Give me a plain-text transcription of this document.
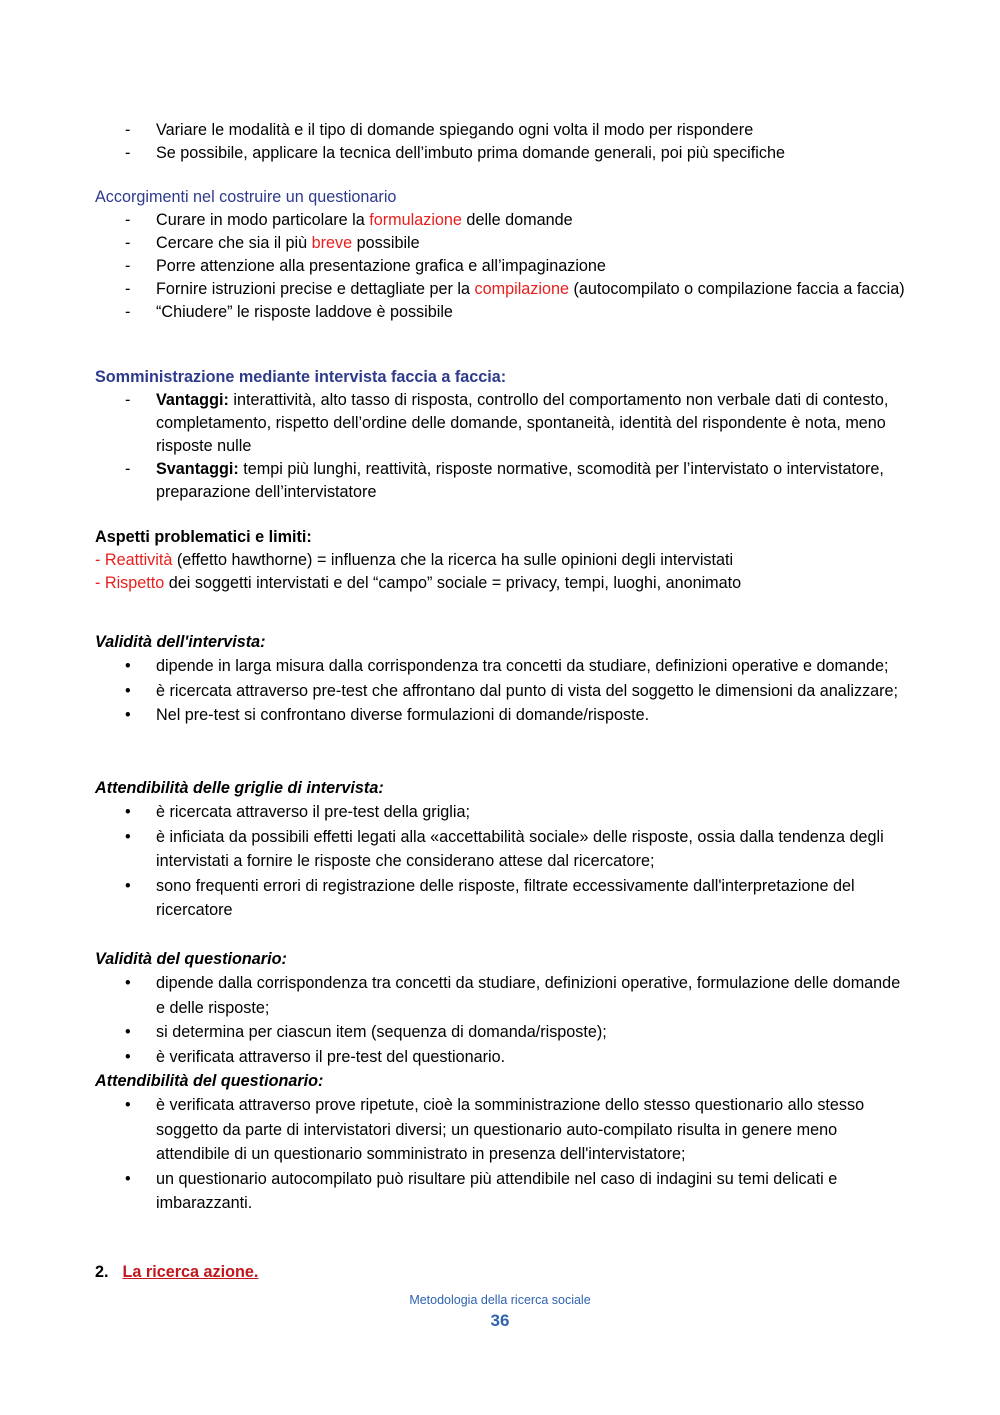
- Variare le modalità e il tipo di domande spiegando ogni volta il modo per rispondere
- Se possibile, applicare la tecnica dell’imbuto prima domande generali, poi più specifiche
Accorgimenti nel costruire un questionario
- Curare in modo particolare la formulazione delle domande
- Cercare che sia il più breve possibile
- Porre attenzione alla presentazione grafica e all’impaginazione
- Fornire istruzioni precise e dettagliate per la compilazione (autocompilato o compilazione faccia a faccia)
- “Chiudere” le risposte laddove è possibile
Somministrazione mediante intervista faccia a faccia:
- Vantaggi: interattività, alto tasso di risposta, controllo del comportamento non verbale dati di contesto, completamento, rispetto dell’ordine delle domande, spontaneità, identità del rispondente è nota, meno risposte nulle
- Svantaggi: tempi più lunghi, reattività, risposte normative, scomodità per l’intervistato o intervistatore, preparazione dell’intervistatore
Aspetti problematici e limiti:
- Reattività (effetto hawthorne) = influenza che la ricerca ha sulle opinioni degli intervistati
- Rispetto dei soggetti intervistati e del “campo” sociale = privacy, tempi, luoghi, anonimato
Validità dell'intervista:
• dipende in larga misura dalla corrispondenza tra concetti da studiare, definizioni operative e domande;
• è ricercata attraverso pre-test che affrontano dal punto di vista del soggetto le dimensioni da analizzare;
• Nel pre-test si confrontano diverse formulazioni di domande/risposte.
Attendibilità delle griglie di intervista:
• è ricercata attraverso il pre-test della griglia;
• è inficiata da possibili effetti legati alla «accettabilità sociale» delle risposte, ossia dalla tendenza degli intervistati a fornire le risposte che considerano attese dal ricercatore;
• sono frequenti errori di registrazione delle risposte, filtrate eccessivamente dall'interpretazione del ricercatore
Validità del questionario:
• dipende dalla corrispondenza tra concetti da studiare, definizioni operative, formulazione delle domande e delle risposte;
• si determina per ciascun item (sequenza di domanda/risposte);
• è verificata attraverso il pre-test del questionario.
Attendibilità del questionario:
• è verificata attraverso prove ripetute, cioè la somministrazione dello stesso questionario allo stesso soggetto da parte di intervistatori diversi; un questionario auto-compilato risulta in genere meno attendibile di un questionario somministrato in presenza dell'intervistatore;
• un questionario autocompilato può risultare più attendibile nel caso di indagini su temi delicati e imbarazzanti.
2. La ricerca azione.
Metodologia della ricerca sociale
36
